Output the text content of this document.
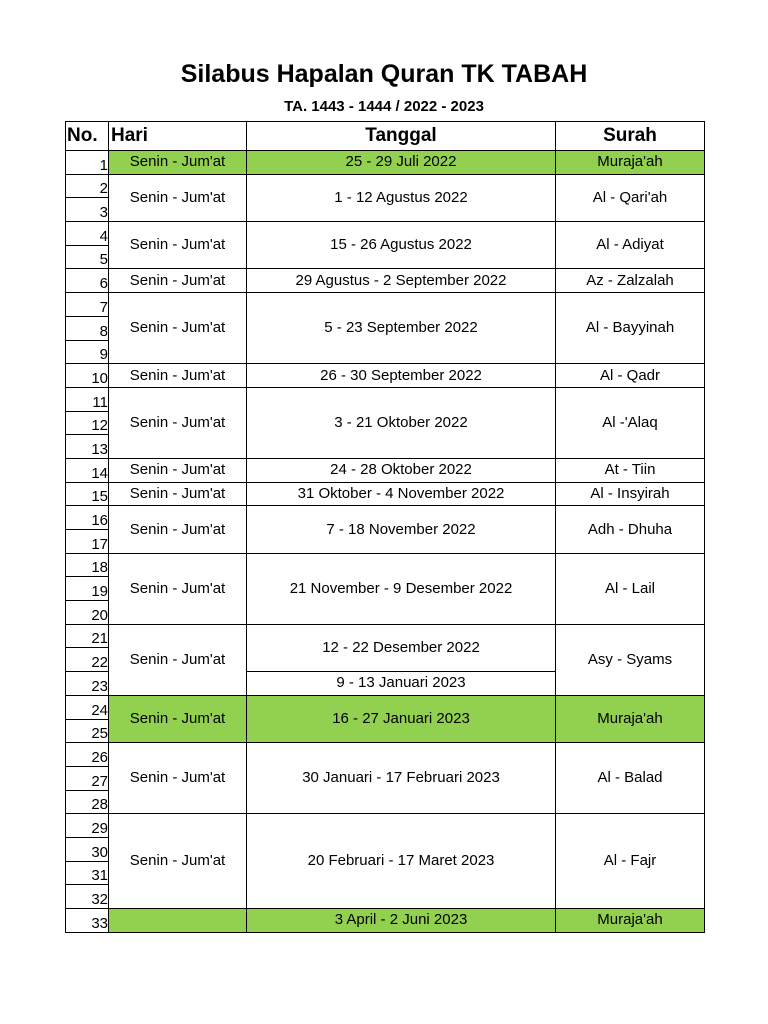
Silabus Hapalan Quran TK TABAH
TA. 1443 - 1444 / 2022 - 2023
No.	Hari	Tanggal	Surah
1	Senin - Jum'at	25 - 29 Juli 2022	Muraja'ah
2	Senin - Jum'at	1 - 12 Agustus 2022	Al - Qari'ah
3			
4	Senin - Jum'at	15 - 26 Agustus 2022	Al - Adiyat
5			
6	Senin - Jum'at	29 Agustus - 2 September 2022	Az - Zalzalah
7	Senin - Jum'at	5 - 23 September 2022	Al - Bayyinah
8			
9			
10	Senin - Jum'at	26 - 30 September 2022	Al - Qadr
11	Senin - Jum'at	3 - 21 Oktober 2022	Al -'Alaq
12			
13			
14	Senin - Jum'at	24 - 28 Oktober 2022	At - Tiin
15	Senin - Jum'at	31 Oktober - 4 November 2022	Al - Insyirah
16	Senin - Jum'at	7 - 18 November 2022	Adh - Dhuha
17			
18	Senin - Jum'at	21 November - 9 Desember 2022	Al - Lail
19			
20			
21	Senin - Jum'at	12 - 22 Desember 2022	Asy - Syams
22			
23		9 - 13 Januari 2023	
24	Senin - Jum'at	16 - 27 Januari 2023	Muraja'ah
25			
26	Senin - Jum'at	30 Januari - 17 Februari 2023	Al - Balad
27			
28			
29	Senin - Jum'at	20 Februari - 17 Maret 2023	Al - Fajr
30			
31			
32			
33		3 April - 2 Juni 2023	Muraja'ah
